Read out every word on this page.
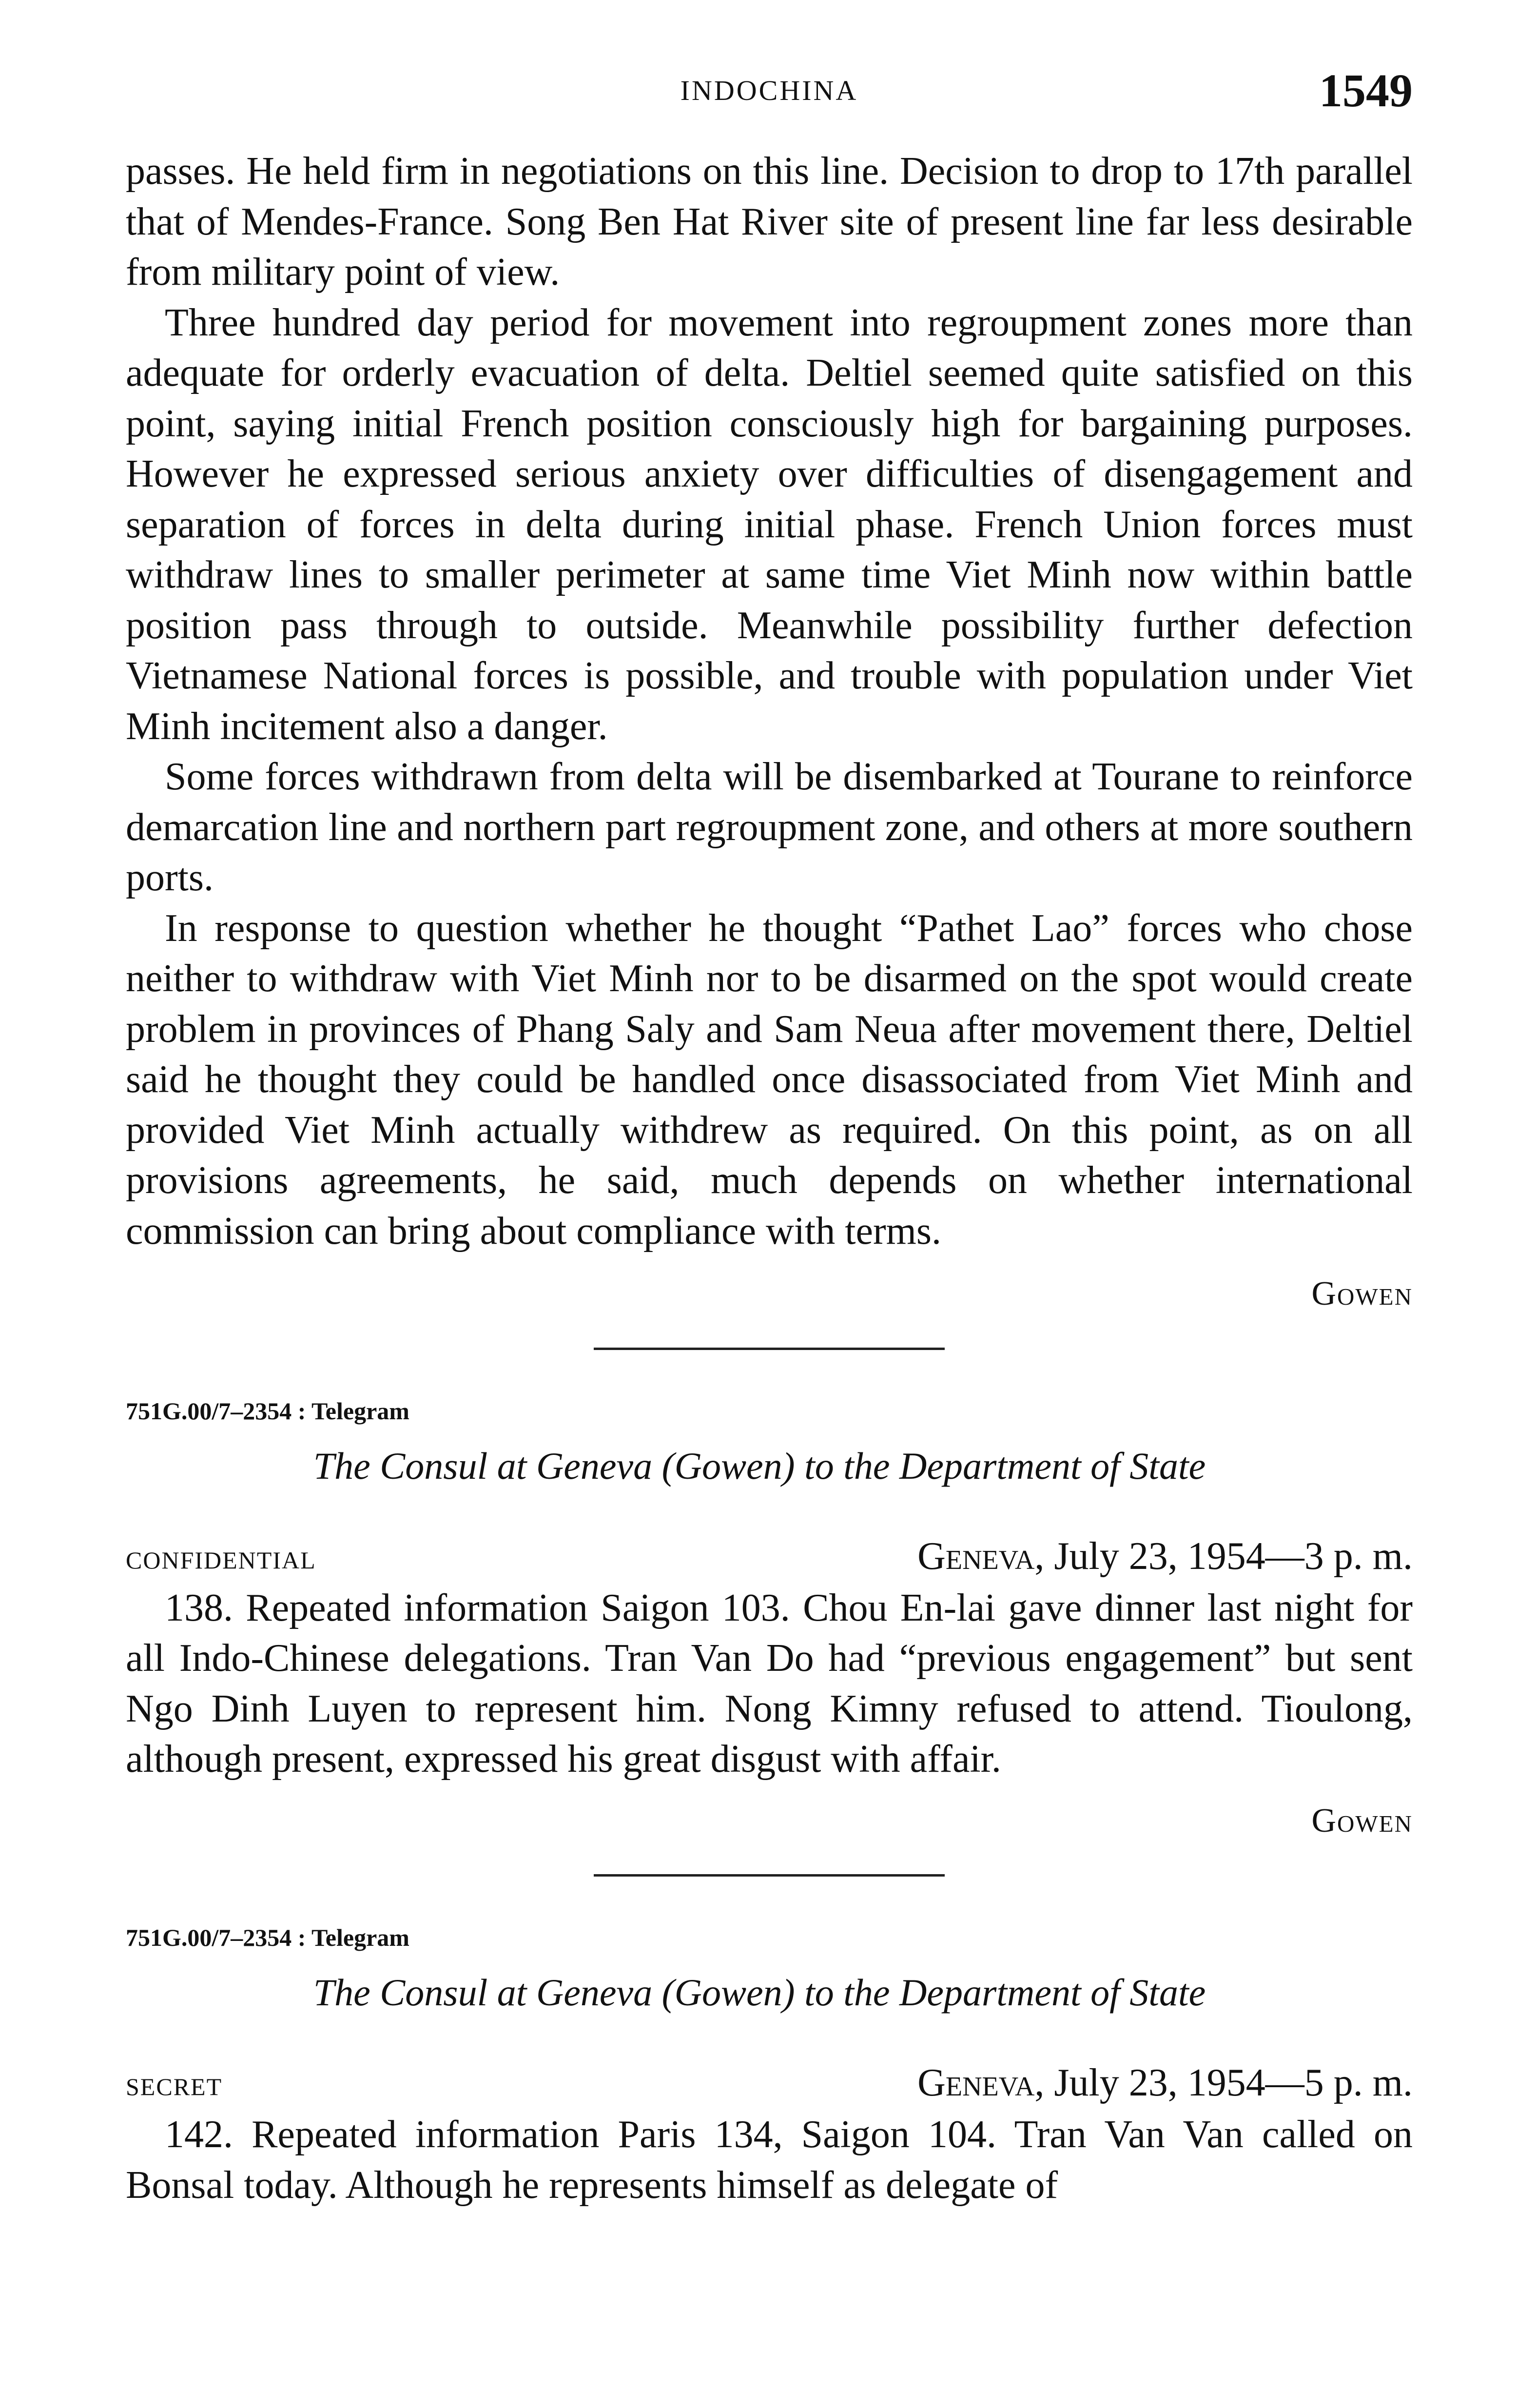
INDOCHINA	1549

passes. He held firm in negotiations on this line. Decision to drop to 17th parallel that of Mendes-France. Song Ben Hat River site of present line far less desirable from military point of view.

Three hundred day period for movement into regroupment zones more than adequate for orderly evacuation of delta. Deltiel seemed quite satisfied on this point, saying initial French position consciously high for bargaining purposes. However he expressed serious anxiety over difficulties of disengagement and separation of forces in delta during initial phase. French Union forces must withdraw lines to smaller perimeter at same time Viet Minh now within battle position pass through to outside. Meanwhile possibility further defection Vietnamese National forces is possible, and trouble with population under Viet Minh incitement also a danger.

Some forces withdrawn from delta will be disembarked at Tourane to reinforce demarcation line and northern part regroupment zone, and others at more southern ports.

In response to question whether he thought “Pathet Lao” forces who chose neither to withdraw with Viet Minh nor to be disarmed on the spot would create problem in provinces of Phang Saly and Sam Neua after movement there, Deltiel said he thought they could be handled once disassociated from Viet Minh and provided Viet Minh actually withdrew as required. On this point, as on all provisions agreements, he said, much depends on whether international commission can bring about compliance with terms.

Gowen
751G.00/7–2354 : Telegram
The Consul at Geneva (Gowen) to the Department of State
CONFIDENTIAL	Geneva, July 23, 1954—3 p. m.

138. Repeated information Saigon 103. Chou En-lai gave dinner last night for all Indo-Chinese delegations. Tran Van Do had “previous engagement” but sent Ngo Dinh Luyen to represent him. Nong Kimny refused to attend. Tioulong, although present, expressed his great disgust with affair.

Gowen
751G.00/7–2354 : Telegram
The Consul at Geneva (Gowen) to the Department of State
SECRET	Geneva, July 23, 1954—5 p. m.

142. Repeated information Paris 134, Saigon 104. Tran Van Van called on Bonsal today. Although he represents himself as delegate of
